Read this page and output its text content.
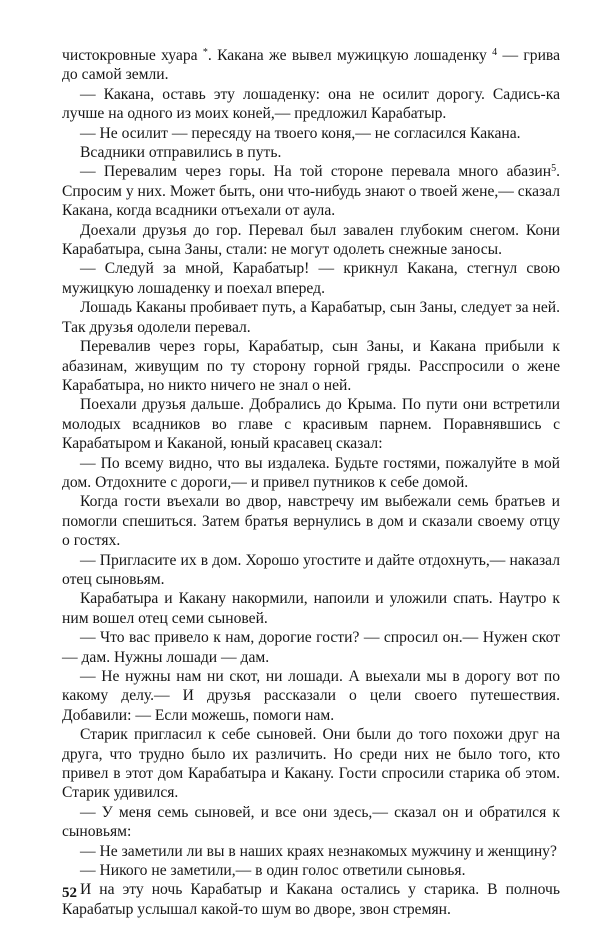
чистокровные хуара *. Какана же вывел мужицкую лошаденку $^4$ — грива до самой земли.

— Какана, оставь эту лошаденку: она не осилит дорогу. Садись-ка лучше на одного из моих коней,— предложил Карабатыр.

— Не осилит — пересяду на твоего коня,— не согласился Какана.

Всадники отправились в путь.

— Перевалим через горы. На той стороне перевала много абазин$^5$. Спросим у них. Может быть, они что-нибудь знают о твоей жене,— сказал Какана, когда всадники отъехали от аула.

Доехали друзья до гор. Перевал был завален глубоким снегом. Кони Карабатыра, сына Заны, стали: не могут одолеть снежные заносы.

— Следуй за мной, Карабатыр! — крикнул Какана, стегнул свою мужицкую лошаденку и поехал вперед.

Лошадь Каканы пробивает путь, а Карабатыр, сын Заны, следует за ней. Так друзья одолели перевал.

Перевалив через горы, Карабатыр, сын Заны, и Какана прибыли к абазинам, живущим по ту сторону горной гряды. Расспросили о жене Карабатыра, но никто ничего не знал о ней.

Поехали друзья дальше. Добрались до Крыма. По пути они встретили молодых всадников во главе с красивым парнем. Поравнявшись с Карабатыром и Каканой, юный красавец сказал:

— По всему видно, что вы издалека. Будьте гостями, пожалуйте в мой дом. Отдохните с дороги,— и привел путников к себе домой.

Когда гости въехали во двор, навстречу им выбежали семь братьев и помогли спешиться. Затем братья вернулись в дом и сказали своему отцу о гостях.

— Пригласите их в дом. Хорошо угостите и дайте отдохнуть,— наказал отец сыновьям.

Карабатыра и Какану накормили, напоили и уложили спать. Наутро к ним вошел отец семи сыновей.

— Что вас привело к нам, дорогие гости? — спросил он.— Нужен скот — дам. Нужны лошади — дам.

— Не нужны нам ни скот, ни лошади. А выехали мы в дорогу вот по какому делу.— И друзья рассказали о цели своего путешествия. Добавили: — Если можешь, помоги нам.

Старик пригласил к себе сыновей. Они были до того похожи друг на друга, что трудно было их различить. Но среди них не было того, кто привел в этот дом Карабатыра и Какану. Гости спросили старика об этом. Старик удивился.

— У меня семь сыновей, и все они здесь,— сказал он и обратился к сыновьям:

— Не заметили ли вы в наших краях незнакомых мужчину и женщину?

— Никого не заметили,— в один голос ответили сыновья.

И на эту ночь Карабатыр и Какана остались у старика. В полночь Карабатыр услышал какой-то шум во дворе, звон стремян.

52
